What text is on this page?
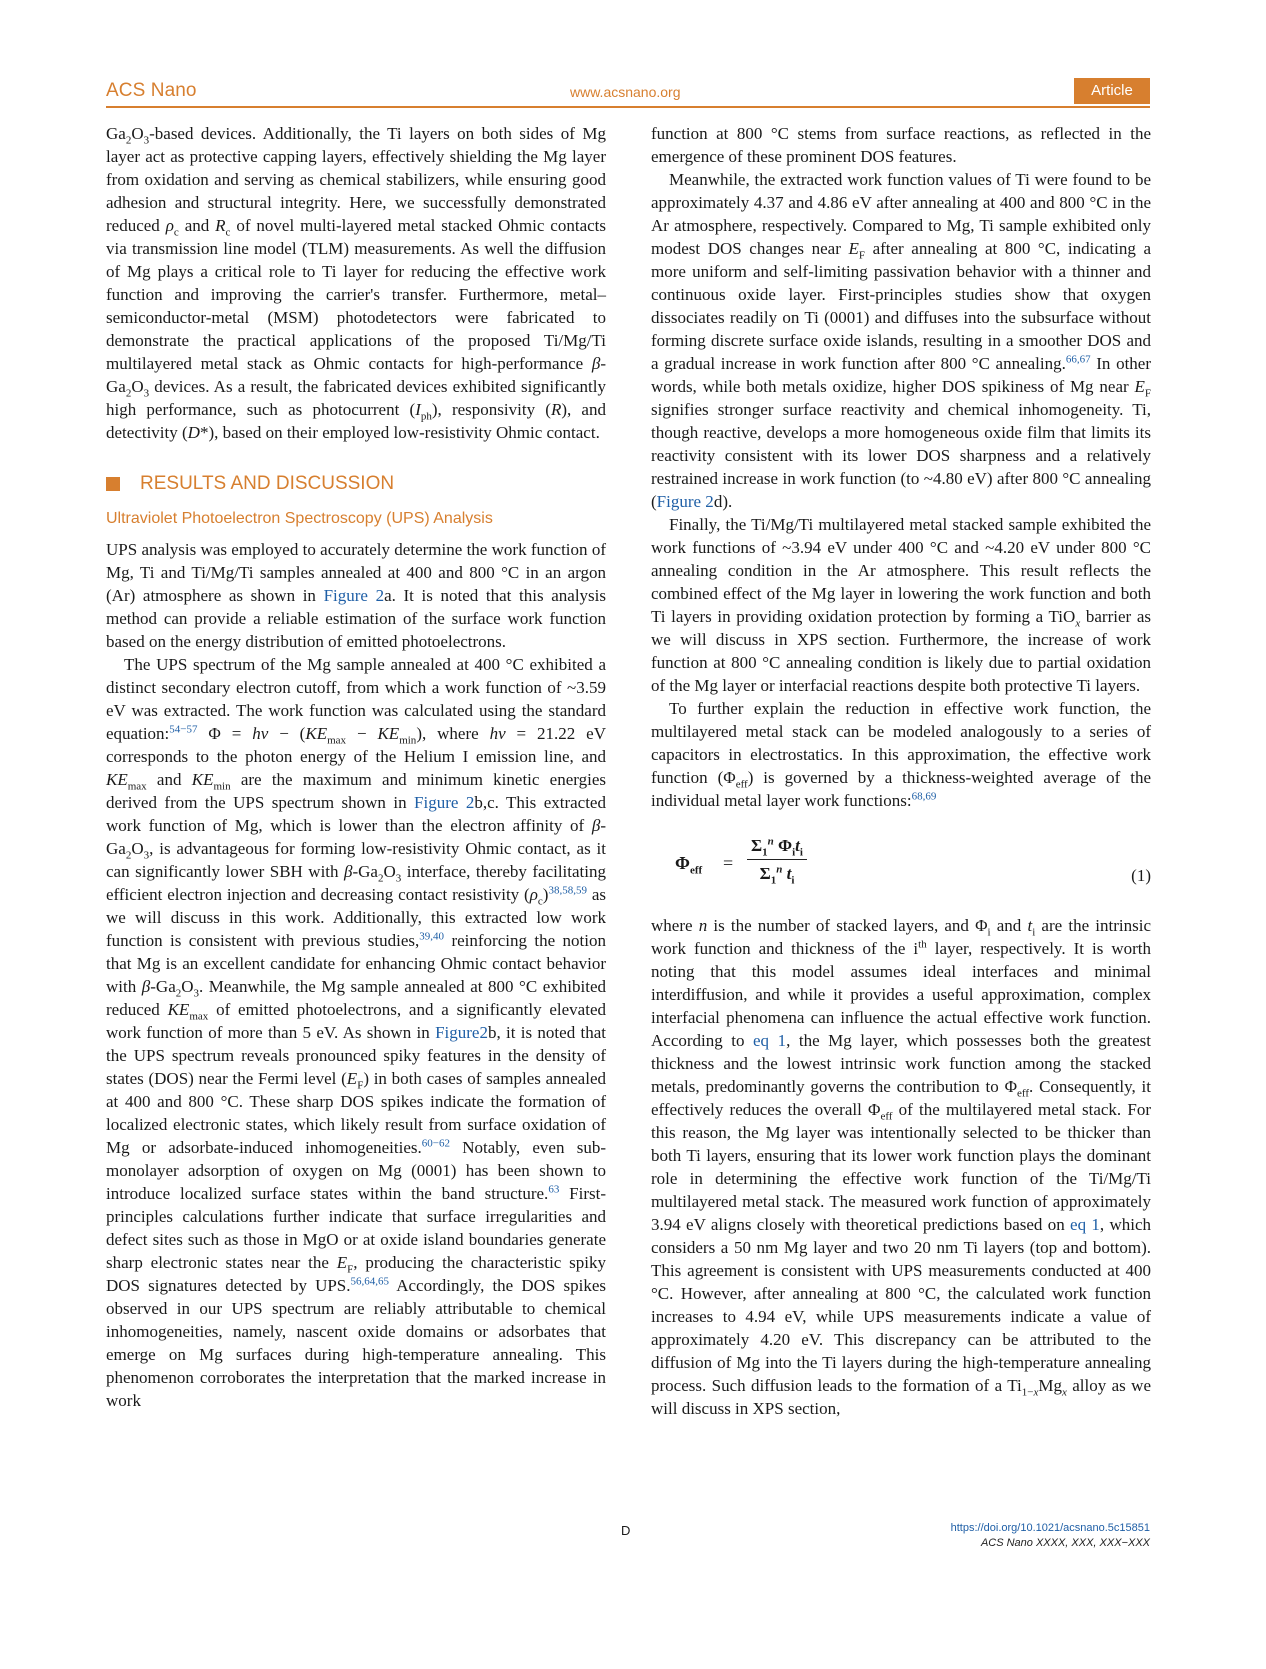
ACS Nano	www.acsnano.org	Article

$Ga_2O_3$-based devices. Additionally, the Ti layers on both sides of Mg layer act as protective capping layers, effectively shielding the Mg layer from oxidation and serving as chemical stabilizers, while ensuring good adhesion and structural integrity. Here, we successfully demonstrated reduced $\rho_c$ and $R_c$ of novel multi-layered metal stacked Ohmic contacts via transmission line model (TLM) measurements. As well the diffusion of Mg plays a critical role to Ti layer for reducing the effective work function and improving the carrier's transfer. Furthermore, metal–semiconductor-metal (MSM) photodetectors were fabricated to demonstrate the practical applications of the proposed Ti/Mg/Ti multilayered metal stack as Ohmic contacts for high-performance $\beta-Ga_2O_3$ devices. As a result, the fabricated devices exhibited significantly high performance, such as photocurrent $(I_{ph})$, responsivity (R), and detectivity (D*), based on their employed low-resistivity Ohmic contact.

RESULTS AND DISCUSSION

Ultraviolet Photoelectron Spectroscopy (UPS) Analysis

UPS analysis was employed to accurately determine the work function of Mg, Ti and Ti/Mg/Ti samples annealed at 400 and 800 °C in an argon (Ar) atmosphere as shown in Figure 2a. It is noted that this analysis method can provide a reliable estimation of the surface work function based on the energy distribution of emitted photoelectrons.

The UPS spectrum of the Mg sample annealed at 400 °C exhibited a distinct secondary electron cutoff, from which a work function of ~3.59 eV was extracted. The work function was calculated using the standard equation:$^{54-57}$ $\Phi = h\nu - (KE_{max} - KE_{min})$, where hν = 21.22 eV corresponds to the photon energy of the Helium I emission line, and $KE_{max}$ and $KE_{min}$ are the maximum and minimum kinetic energies derived from the UPS spectrum shown in Figure 2b,c. This extracted work function of Mg, which is lower than the electron affinity of $\beta-Ga_2O_3$, is advantageous for forming low-resistivity Ohmic contact, as it can significantly lower SBH with $\beta-Ga_2O_3$ interface, thereby facilitating efficient electron injection and decreasing contact resistivity $(\rho_c)^{38,58,59}$ as we will discuss in this work. Additionally, this extracted low work function is consistent with previous studies,$^{39,40}$ reinforcing the notion that Mg is an excellent candidate for enhancing Ohmic contact behavior with $\beta-Ga_2O_3$. Meanwhile, the Mg sample annealed at 800 °C exhibited reduced $KE_{max}$ of emitted photoelectrons, and a significantly elevated work function of more than 5 eV. As shown in Figure2b, it is noted that the UPS spectrum reveals pronounced spiky features in the density of states (DOS) near the Fermi level $(E_F)$ in both cases of samples annealed at 400 and 800 °C. These sharp DOS spikes indicate the formation of localized electronic states, which likely result from surface oxidation of Mg or adsorbate-induced inhomogeneities.$^{60-62}$ Notably, even sub-monolayer adsorption of oxygen on Mg (0001) has been shown to introduce localized surface states within the band structure.$^{63}$ First-principles calculations further indicate that surface irregularities and defect sites such as those in MgO or at oxide island boundaries generate sharp electronic states near the $E_F$, producing the characteristic spiky DOS signatures detected by UPS.$^{56,64,65}$ Accordingly, the DOS spikes observed in our UPS spectrum are reliably attributable to chemical inhomogeneities, namely, nascent oxide domains or adsorbates that emerge on Mg surfaces during high-temperature annealing. This phenomenon corroborates the interpretation that the marked increase in work

function at 800 °C stems from surface reactions, as reflected in the emergence of these prominent DOS features.

Meanwhile, the extracted work function values of Ti were found to be approximately 4.37 and 4.86 eV after annealing at 400 and 800 °C in the Ar atmosphere, respectively. Compared to Mg, Ti sample exhibited only modest DOS changes near $E_F$ after annealing at 800 °C, indicating a more uniform and self-limiting passivation behavior with a thinner and continuous oxide layer. First-principles studies show that oxygen dissociates readily on Ti (0001) and diffuses into the subsurface without forming discrete surface oxide islands, resulting in a smoother DOS and a gradual increase in work function after 800 °C annealing.$^{66,67}$ In other words, while both metals oxidize, higher DOS spikiness of Mg near $E_F$ signifies stronger surface reactivity and chemical inhomogeneity. Ti, though reactive, develops a more homogeneous oxide film that limits its reactivity consistent with its lower DOS sharpness and a relatively restrained increase in work function (to ~4.80 eV) after 800 °C annealing (Figure 2d).

Finally, the Ti/Mg/Ti multilayered metal stacked sample exhibited the work functions of ~3.94 eV under 400 °C and ~4.20 eV under 800 °C annealing condition in the Ar atmosphere. This result reflects the combined effect of the Mg layer in lowering the work function and both Ti layers in providing oxidation protection by forming a TiO$_x$ barrier as we will discuss in XPS section. Furthermore, the increase of work function at 800 °C annealing condition is likely due to partial oxidation of the Mg layer or interfacial reactions despite both protective Ti layers.

To further explain the reduction in effective work function, the multilayered metal stack can be modeled analogously to a series of capacitors in electrostatics. In this approximation, the effective work function $(\Phi_{eff})$ is governed by a thickness-weighted average of the individual metal layer work functions:$^{68,69}$

$\Phi_{eff}$ =
$\Sigma_1^n$ $\Phi_it_i$
$\Sigma_1^n$ $t_i$	(1)

where n is the number of stacked layers, and $\Phi_i$ and $t_i$ are the intrinsic work function and thickness of the $i^{th}$ layer, respectively. It is worth noting that this model assumes ideal interfaces and minimal interdiffusion, and while it provides a useful approximation, complex interfacial phenomena can influence the actual effective work function. According to eq 1, the Mg layer, which possesses both the greatest thickness and the lowest intrinsic work function among the stacked metals, predominantly governs the contribution to $\Phi_{eff}$. Consequently, it effectively reduces the overall $\Phi_{eff}$ of the multilayered metal stack. For this reason, the Mg layer was intentionally selected to be thicker than both Ti layers, ensuring that its lower work function plays the dominant role in determining the effective work function of the Ti/Mg/Ti multilayered metal stack. The measured work function of approximately 3.94 eV aligns closely with theoretical predictions based on eq 1, which considers a 50 nm Mg layer and two 20 nm Ti layers (top and bottom). This agreement is consistent with UPS measurements conducted at 400 °C. However, after annealing at 800 °C, the calculated work function increases to 4.94 eV, while UPS measurements indicate a value of approximately 4.20 eV. This discrepancy can be attributed to the diffusion of Mg into the Ti layers during the high-temperature annealing process. Such diffusion leads to the formation of a $Ti_{1-x}Mg_x$ alloy as we will discuss in XPS section,

D	https://doi.org/10.1021/acsnano.5c15851
ACS Nano XXXX, XXX, XXX−XXX
